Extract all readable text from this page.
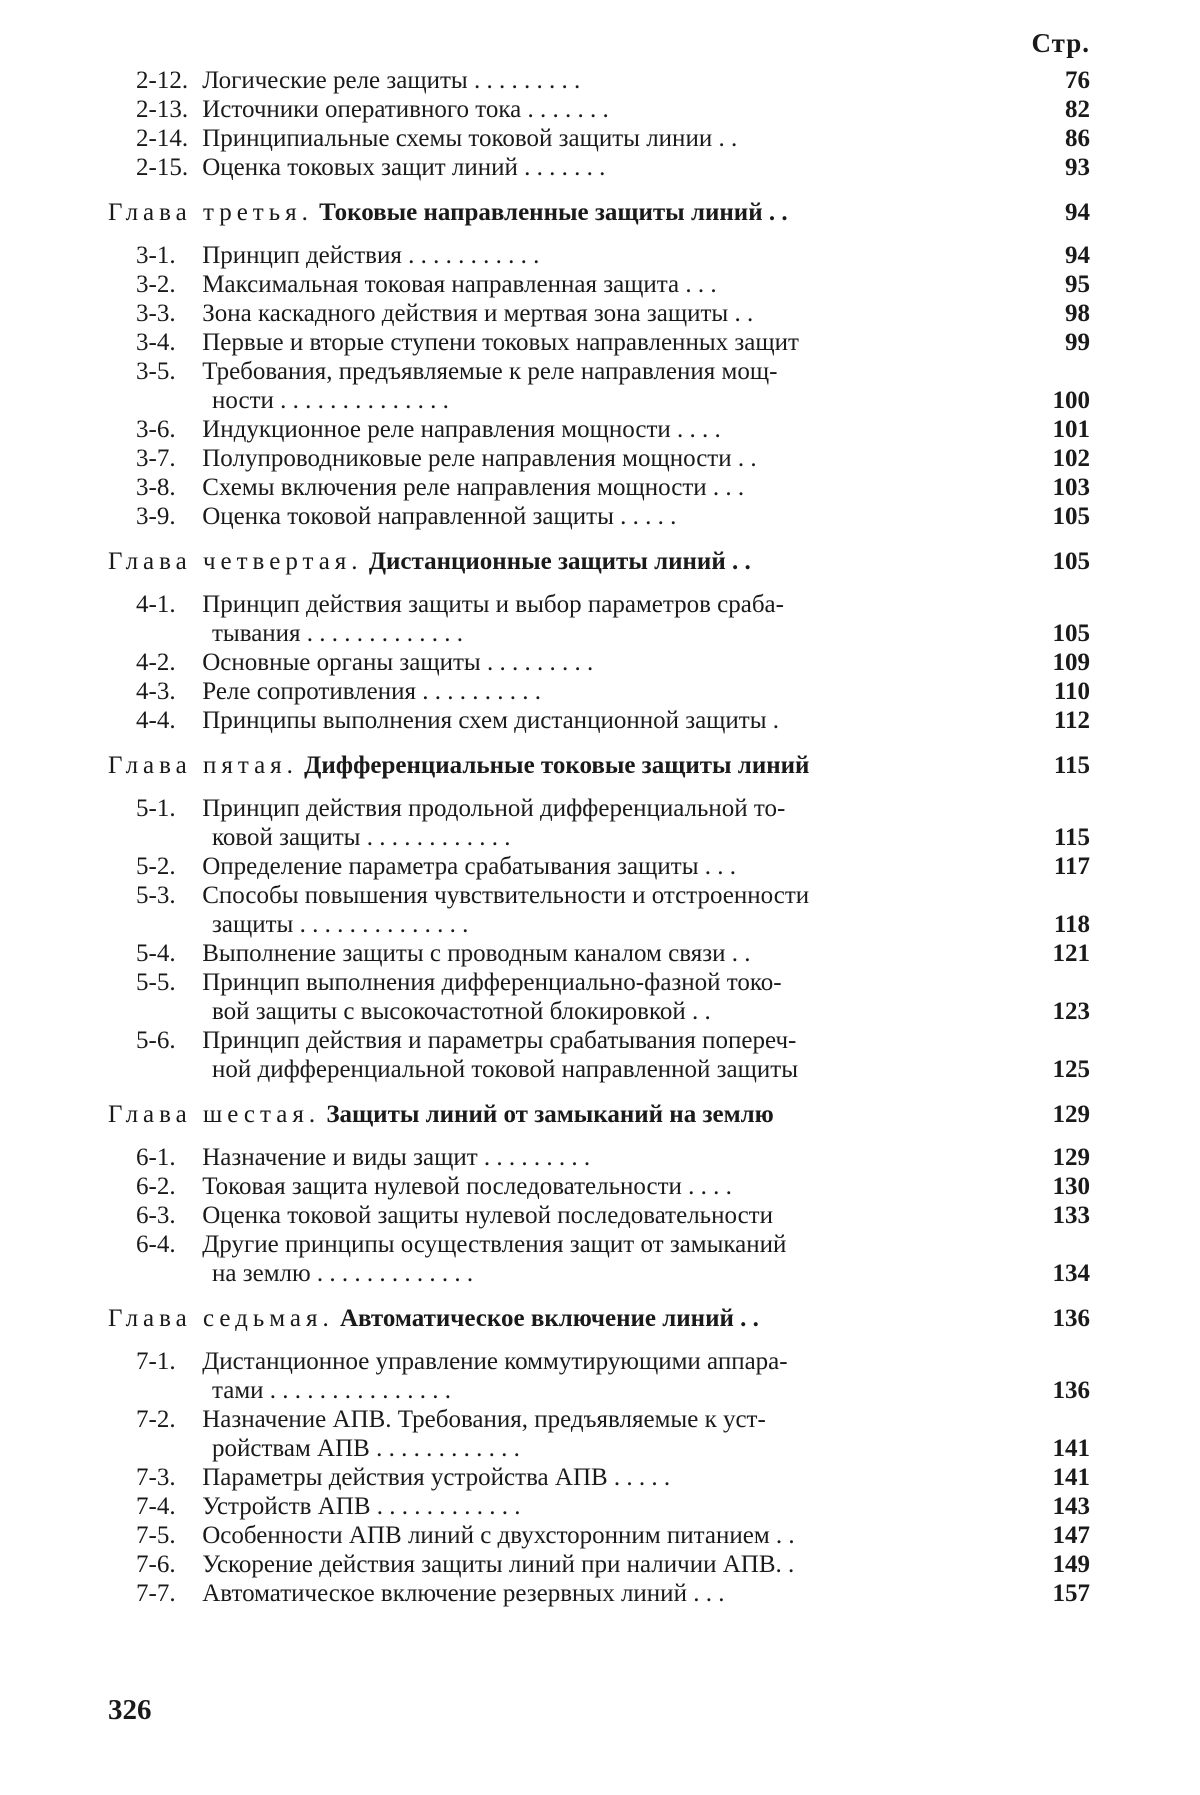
Стр.

2-12. Логические реле защиты . . . . . . . . .	76

2-13. Источники оперативного тока . . . . . . .	82

2-14. Принципиальные схемы токовой защиты линии . .	86

2-15. Оценка токовых защит линий . . . . . . .	93

Глава третья. Токовые направленные защиты линий . .	94

3-1. Принцип действия . . . . . . . . . . .	94

3-2. Максимальная токовая направленная защита . . .	95

3-3. Зона каскадного действия и мертвая зона защиты . .	98

3-4. Первые и вторые ступени токовых направленных защит	99

3-5. Требования, предъявляемые к реле направления мощ-

ности . . . . . . . . . . . . . .	100

3-6. Индукционное реле направления мощности . . . .	101

3-7. Полупроводниковые реле направления мощности . .	102

3-8. Схемы включения реле направления мощности . . .	103

3-9. Оценка токовой направленной защиты . . . . .	105

Глава четвертая. Дистанционные защиты линий . .	105

4-1. Принцип действия защиты и выбор параметров сраба-

тывания . . . . . . . . . . . . .	105

4-2. Основные органы защиты . . . . . . . . .	109

4-3. Реле сопротивления . . . . . . . . . .	110

4-4. Принципы выполнения схем дистанционной защиты .	112

Глава пятая. Дифференциальные токовые защиты линий	115

5-1. Принцип действия продольной дифференциальной то-

ковой защиты . . . . . . . . . . . .	115

5-2. Определение параметра срабатывания защиты . . .	117

5-3. Способы повышения чувствительности и отстроенности

защиты . . . . . . . . . . . . . .	118

5-4. Выполнение защиты с проводным каналом связи . .	121

5-5. Принцип выполнения дифференциально-фазной токо-

вой защиты с высокочастотной блокировкой . .	123

5-6. Принцип действия и параметры срабатывания попереч-

ной дифференциальной токовой направленной защиты	125

Глава шестая. Защиты линий от замыканий на землю	129

6-1. Назначение и виды защит . . . . . . . . .	129

6-2. Токовая защита нулевой последовательности . . . .	130

6-3. Оценка токовой защиты нулевой последовательности	133

6-4. Другие принципы осуществления защит от замыканий

на землю . . . . . . . . . . . . .	134

Глава седьмая. Автоматическое включение линий . .	136

7-1. Дистанционное управление коммутирующими аппара-

тами . . . . . . . . . . . . . . .	136

7-2. Назначение АПВ. Требования, предъявляемые к уст-

ройствам АПВ . . . . . . . . . . . .	141

7-3. Параметры действия устройства АПВ . . . . .	141

7-4. Устройств АПВ . . . . . . . . . . . .	143

7-5. Особенности АПВ линий с двухсторонним питанием . .	147

7-6. Ускорение действия защиты линий при наличии АПВ. .	149

7-7. Автоматическое включение резервных линий . . .	157
326
